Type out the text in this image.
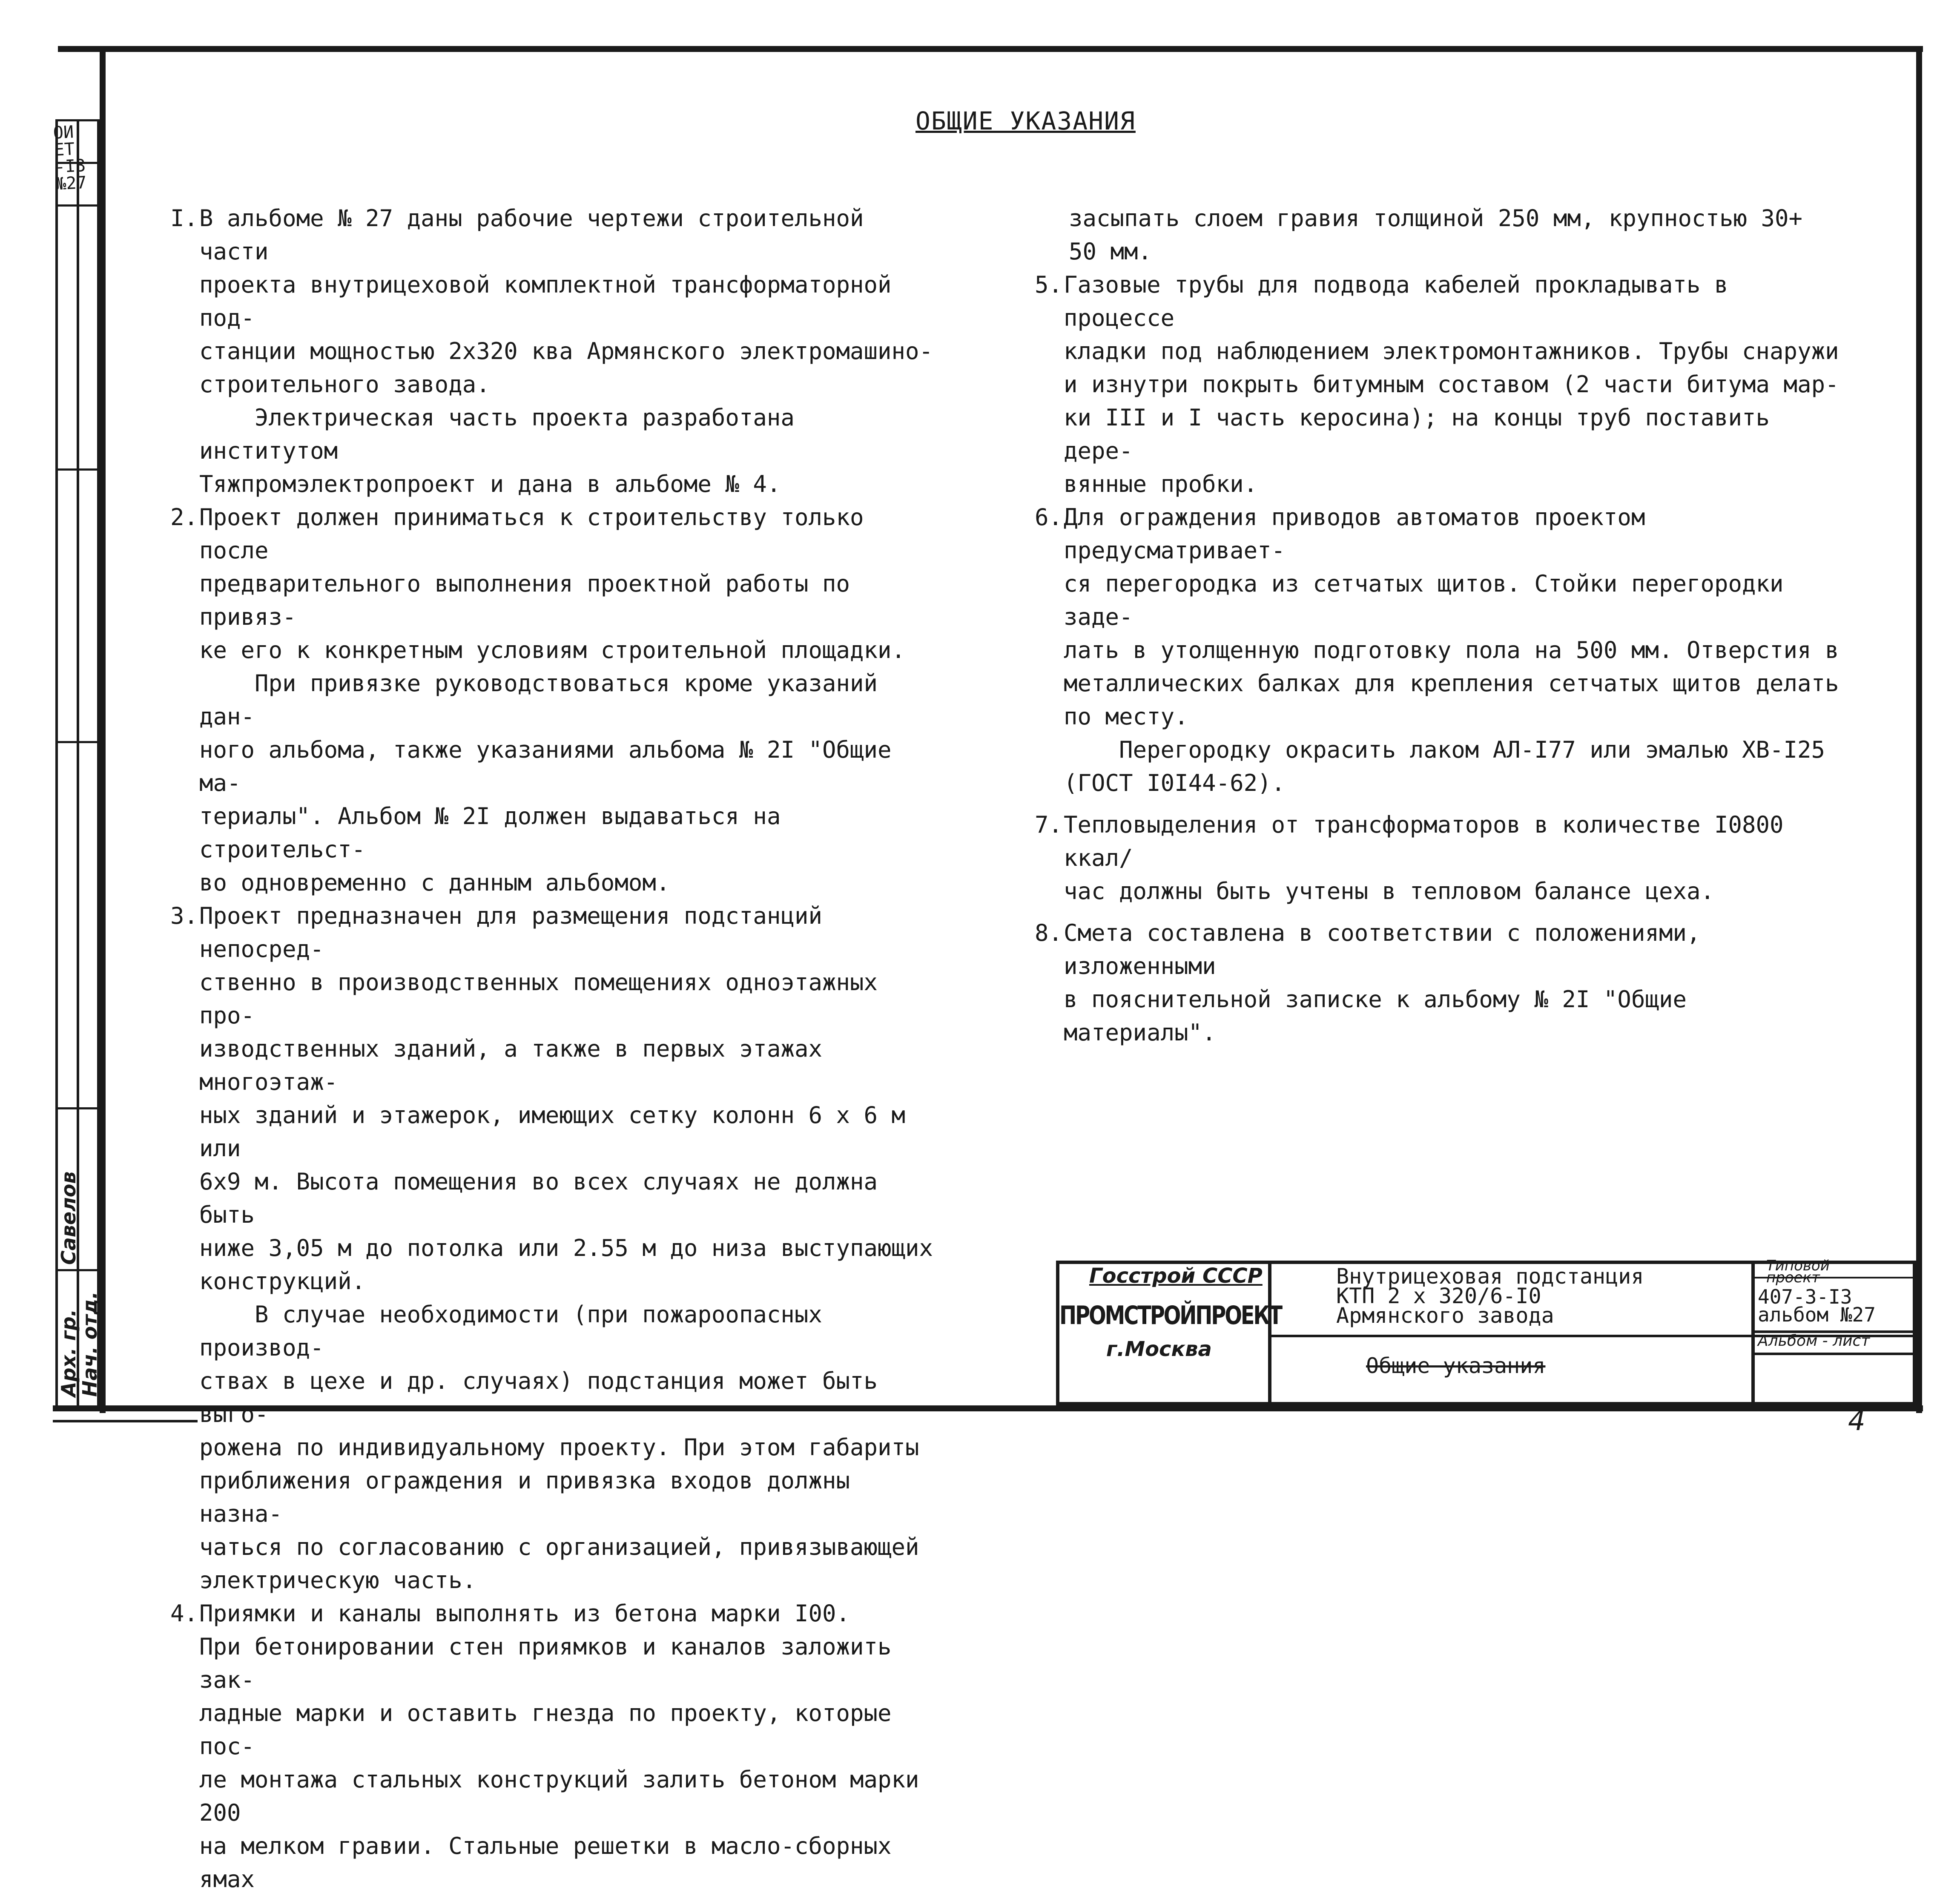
ОИ
ЕТ
-I3
№27
Савелов
Арх. гр.
Нач. отд.
ОБЩИЕ УКАЗАНИЯ
I. В альбоме № 27 даны рабочие чертежи строительной части
проекта внутрицеховой комплектной трансформаторной под-
станции мощностью 2х320 ква Армянского электромашино-
строительного завода.

Электрическая часть проекта разработана институтом
Тяжпромэлектропроект и дана в альбоме № 4.

2. Проект должен приниматься к строительству только после
предварительного выполнения проектной работы по привяз-
ке его к конкретным условиям строительной площадки.

При привязке руководствоваться кроме указаний дан-
ного альбома, также указаниями альбома № 2I "Общие ма-
териалы". Альбом № 2I должен выдаваться на строительст-
во одновременно с данным альбомом.

3. Проект предназначен для размещения подстанций непосред-
ственно в производственных помещениях одноэтажных про-
изводственных зданий, а также в первых этажах многоэтаж-
ных зданий и этажерок, имеющих сетку колонн 6 х 6 м или
6х9 м. Высота помещения во всех случаях не должна быть
ниже 3,05 м до потолка или 2.55 м до низа выступающих
конструкций.

В случае необходимости (при пожароопасных производ-
ствах в цехе и др. случаях) подстанция может быть выго-
рожена по индивидуальному проекту. При этом габариты
приближения ограждения и привязка входов должны назна-
чаться по согласованию с организацией, привязывающей
электрическую часть.

4. Приямки и каналы выполнять из бетона марки I00.

При бетонировании стен приямков и каналов заложить зак-
ладные марки и оставить гнезда по проекту, которые пос-
ле монтажа стальных конструкций залить бетоном марки 200
на мелком гравии. Стальные решетки в масло-сборных ямах

засыпать слоем гравия толщиной 250 мм, крупностью 30+
50 мм.

5. Газовые трубы для подвода кабелей прокладывать в процессе
кладки под наблюдением электромонтажников. Трубы снаружи
и изнутри покрыть битумным составом (2 части битума мар-
ки III и I часть керосина); на концы труб поставить дере-
вянные пробки.

6. Для ограждения приводов автоматов проектом предусматривает-
ся перегородка из сетчатых щитов. Стойки перегородки заде-
лать в утолщенную подготовку пола на 500 мм. Отверстия в
металлических балках для крепления сетчатых щитов делать
по месту.

Перегородку окрасить лаком АЛ-I77 или эмалью ХВ-I25
(ГОСТ I0I44-62).

7. Тепловыделения от трансформаторов в количестве I0800 ккал/
час должны быть учтены в тепловом балансе цеха.

8. Смета составлена в соответствии с положениями, изложенными
в пояснительной записке к альбому № 2I "Общие материалы".

Госстрой СССР
ПРОМСТРОЙПРОЕКТ
г.Москва
Внутрицеховая подстанция
КТП 2 х 320/6-I0
Армянского завода
Общие указания
Типовой
проект
407-3-I3
альбом №27
Альбом - лист
4
